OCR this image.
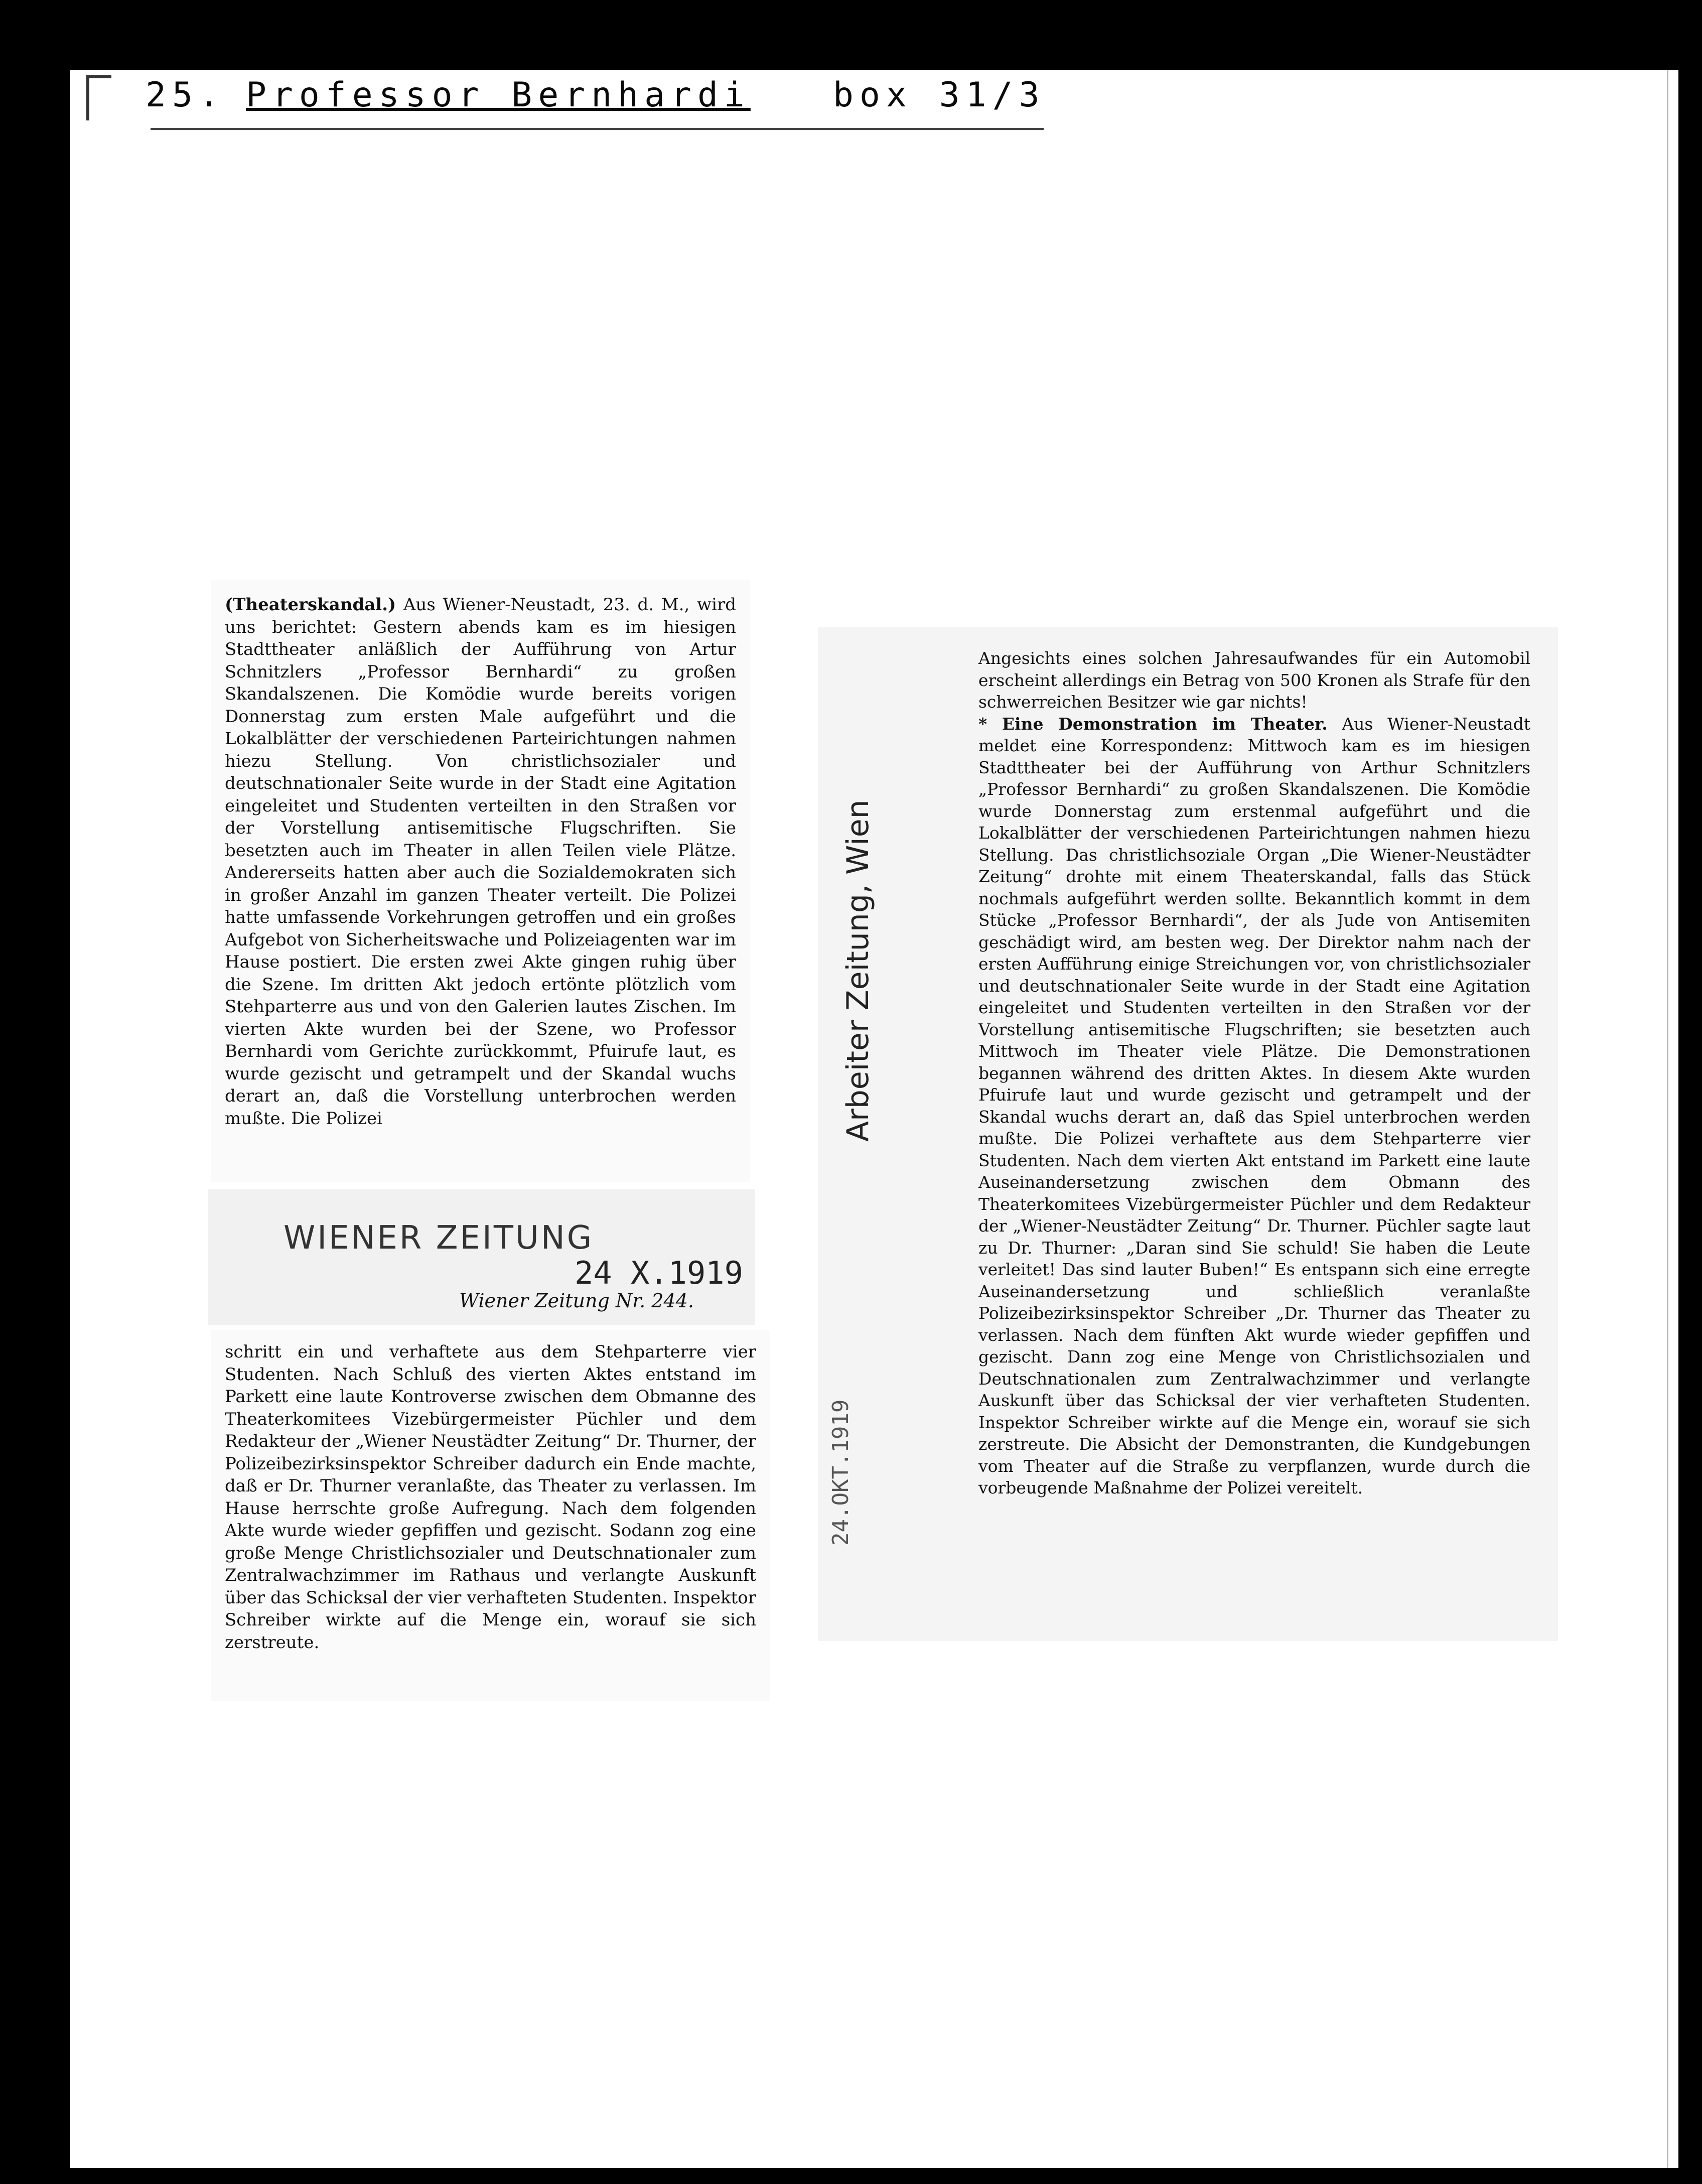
25. Professor Bernhardi box 31/3

(Theaterskandal.) Aus Wiener-Neustadt, 23. d. M., wird uns berichtet: Gestern abends kam es im hiesigen Stadttheater anläßlich der Aufführung von Artur Schnitzlers „Professor Bernhardi“ zu großen Skandalszenen. Die Komödie wurde bereits vorigen Donnerstag zum ersten Male aufgeführt und die Lokalblätter der verschiedenen Parteirichtungen nahmen hiezu Stellung. Von christlichsozialer und deutschnationaler Seite wurde in der Stadt eine Agitation eingeleitet und Studenten verteilten in den Straßen vor der Vorstellung antisemitische Flugschriften. Sie besetzten auch im Theater in allen Teilen viele Plätze. Andererseits hatten aber auch die Sozialdemokraten sich in großer Anzahl im ganzen Theater verteilt. Die Polizei hatte umfassende Vorkehrungen getroffen und ein großes Aufgebot von Sicherheitswache und Polizeiagenten war im Hause postiert. Die ersten zwei Akte gingen ruhig über die Szene. Im dritten Akt jedoch ertönte plötzlich vom Stehparterre aus und von den Galerien lautes Zischen. Im vierten Akte wurden bei der Szene, wo Professor Bernhardi vom Gerichte zurückkommt, Pfuirufe laut, es wurde gezischt und getrampelt und der Skandal wuchs derart an, daß die Vorstellung unterbrochen werden mußte. Die Polizei

WIENER ZEITUNG
24 X.1919
Wiener Zeitung Nr. 244.

schritt ein und verhaftete aus dem Stehparterre vier Studenten. Nach Schluß des vierten Aktes entstand im Parkett eine laute Kontroverse zwischen dem Obmanne des Theaterkomitees Vizebürgermeister Püchler und dem Redakteur der „Wiener Neustädter Zeitung“ Dr. Thurner, der Polizeibezirksinspektor Schreiber dadurch ein Ende machte, daß er Dr. Thurner veranlaßte, das Theater zu verlassen. Im Hause herrschte große Aufregung. Nach dem folgenden Akte wurde wieder gepfiffen und gezischt. Sodann zog eine große Menge Christlichsozialer und Deutschnationaler zum Zentralwachzimmer im Rathaus und verlangte Auskunft über das Schicksal der vier verhafteten Studenten. Inspektor Schreiber wirkte auf die Menge ein, worauf sie sich zerstreute.

Arbeiter Zeitung, Wien
24.OKT.1919

Angesichts eines solchen Jahresaufwandes für ein Automobil erscheint allerdings ein Betrag von 500 Kronen als Strafe für den schwerreichen Besitzer wie gar nichts!

* Eine Demonstration im Theater. Aus Wiener-Neustadt meldet eine Korrespondenz: Mittwoch kam es im hiesigen Stadttheater bei der Aufführung von Arthur Schnitzlers „Professor Bernhardi“ zu großen Skandalszenen. Die Komödie wurde Donnerstag zum erstenmal aufgeführt und die Lokalblätter der verschiedenen Parteirichtungen nahmen hiezu Stellung. Das christlichsoziale Organ „Die Wiener-Neustädter Zeitung“ drohte mit einem Theaterskandal, falls das Stück nochmals aufgeführt werden sollte. Bekanntlich kommt in dem Stücke „Professor Bernhardi“, der als Jude von Antisemiten geschädigt wird, am besten weg. Der Direktor nahm nach der ersten Aufführung einige Streichungen vor, von christlichsozialer und deutschnationaler Seite wurde in der Stadt eine Agitation eingeleitet und Studenten verteilten in den Straßen vor der Vorstellung antisemitische Flugschriften; sie besetzten auch Mittwoch im Theater viele Plätze. Die Demonstrationen begannen während des dritten Aktes. In diesem Akte wurden Pfuirufe laut und wurde gezischt und getrampelt und der Skandal wuchs derart an, daß das Spiel unterbrochen werden mußte. Die Polizei verhaftete aus dem Stehparterre vier Studenten. Nach dem vierten Akt entstand im Parkett eine laute Auseinandersetzung zwischen dem Obmann des Theaterkomitees Vizebürgermeister Püchler und dem Redakteur der „Wiener-Neustädter Zeitung“ Dr. Thurner. Püchler sagte laut zu Dr. Thurner: „Daran sind Sie schuld! Sie haben die Leute verleitet! Das sind lauter Buben!“ Es entspann sich eine erregte Auseinandersetzung und schließlich veranlaßte Polizeibezirksinspektor Schreiber „Dr. Thurner das Theater zu verlassen. Nach dem fünften Akt wurde wieder gepfiffen und gezischt. Dann zog eine Menge von Christlichsozialen und Deutschnationalen zum Zentralwachzimmer und verlangte Auskunft über das Schicksal der vier verhafteten Studenten. Inspektor Schreiber wirkte auf die Menge ein, worauf sie sich zerstreute. Die Absicht der Demonstranten, die Kundgebungen vom Theater auf die Straße zu verpflanzen, wurde durch die vorbeugende Maßnahme der Polizei vereitelt.
